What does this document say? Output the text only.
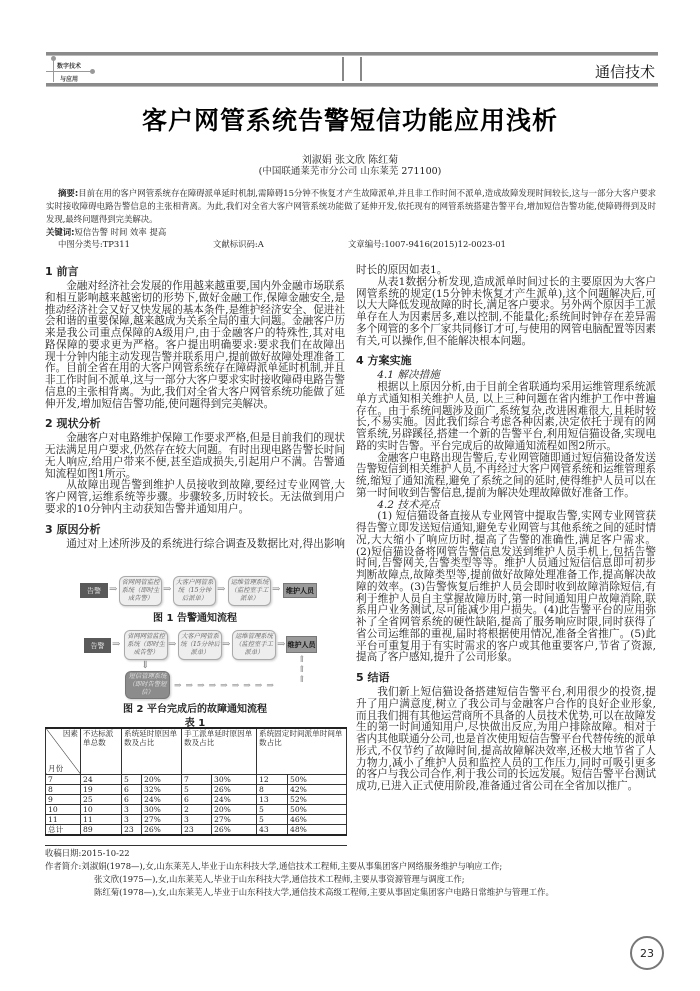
数字技术
与应用	通信技术
客户网管系统告警短信功能应用浅析
刘淑娟 张文欣 陈红菊
(中国联通莱芜市分公司 山东莱芜 271100)
摘要:目前在用的客户网管系统存在障碍派单延时机制,需障碍15分钟不恢复才产生故障派单,并且非工作时间不派单,造成故障发现时间较长,这与一部分大客户要求实时接收障碍电路告警信息的主张相背离。为此,我们对全省大客户网管系统功能做了延伸开发,依托现有的网管系统搭建告警平台,增加短信告警功能,使障碍得到及时发现,最终问题得到完美解决。
关键词:短信告警 时间 效率 提高
中图分类号:TP311	文献标识码:A	文章编号:1007-9416(2015)12-0023-01
1 前言

金融对经济社会发展的作用越来越重要,国内外金融市场联系和相互影响越来越密切的形势下,做好金融工作,保障金融安全,是推动经济社会又好又快发展的基本条件,是维护经济安全、促进社会和谐的重要保障,越来越成为关系全局的重大问题。金融客户历来是我公司重点保障的A级用户,由于金融客户的特殊性,其对电路保障的要求更为严格。客户提出明确要求:要求我们在故障出现十分钟内能主动发现告警并联系用户,提前做好故障处理准备工作。目前全省在用的大客户网管系统存在障碍派单延时机制,并且非工作时间不派单,这与一部分大客户要求实时接收障碍电路告警信息的主张相背离。为此,我们对全省大客户网管系统功能做了延伸开发,增加短信告警功能,使问题得到完美解决。

2 现状分析

金融客户对电路维护保障工作要求严格,但是目前我们的现状无法满足用户要求,仍然存在较大问题。有时出现电路告警长时间无人响应,给用户带来不便,甚至造成损失,引起用户不满。告警通知流程如图1所示。

从故障出现告警到维护人员接收到故障,要经过专业网管,大客户网管,运维系统等步骤。步骤较多,历时较长。无法做到用户要求的10分钟内主动获知告警并通知用户。

3 原因分析

通过对上述所涉及的系统进行综合调查及数据比对,得出影响

告警 ⇒
省网网管监控系统（即时生成告警）
⇒
大客户网管系统（15分钟后派单）
⇒
运维管理系统（监控室手工派单）
⇒ 维护人员
图 1 告警通知流程
告警 ⇒
省网网管监控系统（即时生成告警）
⇒
大客户网管系统（15分钟后派单）
⇒
运维管理系统（监控室手工派单）
⇒ 维护人员
⇓
短信管理系统（即时告警短信）
⇒⇒⇒⇒⇒⇒⇒⇒⇒
⇑
⇑
⇑
图 2 平台完成后的故障通知流程
表 1
因素
月份	不达标派单总数	系统延时原因单数及占比		手工派单延时原因单数及占比		系统固定时间派单时间单数占比	
7	24	5	20%	7	30%	12	50%
8	19	6	32%	5	26%	8	42%
9	25	6	24%	6	24%	13	52%
10	10	3	30%	2	20%	5	50%
11	11	3	27%	3	27%	5	46%
总计	89	23	26%	23	26%	43	48%

时长的原因如表1。

从表1数据分析发现,造成派单时间过长的主要原因为大客户网管系统的规定(15分钟未恢复才产生派单),这个问题解决后,可以大大降低发现故障的时长,满足客户要求。另外两个原因手工派单存在人为因素居多,难以控制,不能量化;系统间时钟存在差异需多个网管的多个厂家共同修订才可,与使用的网管电脑配置等因素有关,可以操作,但不能解决根本问题。

4 方案实施
4.1 解决措施

根据以上原因分析,由于目前全省联通均采用运维管理系统派单方式通知相关维护人员, 以上三种问题在省内维护工作中普遍存在。由于系统问题涉及面广,系统复杂,改进困难很大,且耗时较长,不易实施。因此我们综合考虑各种因素,决定依托于现有的网管系统,另辟蹊径,搭建一个新的告警平台,利用短信猫设备,实现电路的实时告警。平台完成后的故障通知流程如图2所示。

金融客户电路出现告警后,专业网管随即通过短信猫设备发送告警短信到相关维护人员,不再经过大客户网管系统和运维管理系统,缩短了通知流程,避免了系统之间的延时,使得维护人员可以在第一时间收到告警信息,提前为解决处理故障做好准备工作。

4.2 技术亮点

(1) 短信猫设备直接从专业网管中提取告警,实网专业网管获得告警立即发送短信通知,避免专业网管与其他系统之间的延时情况,大大缩小了响应历时,提高了告警的准确性,满足客户需求。(2)短信猫设备将网管告警信息发送到维护人员手机上,包括告警时间,告警网关,告警类型等等。维护人员通过短信信息即可初步判断故障点,故障类型等,提前做好故障处理准备工作,提高解决故障的效率。(3)告警恢复后维护人员会即时收到故障消除短信,有利于维护人员自主掌握故障历时,第一时间通知用户故障消除,联系用户业务测试,尽可能减少用户损失。(4)此告警平台的应用弥补了全省网管系统的硬性缺陷,提高了服务响应时限,同时获得了省公司运维部的重视,届时将根据使用情况,准备全省推广。(5)此平台可重复用于有实时需求的客户或其他重要客户,节省了资源,提高了客户感知,提升了公司形象。

5 结语

我们新上短信猫设备搭建短信告警平台,利用很少的投资,提升了用户满意度,树立了我公司与金融客户合作的良好企业形象,而且我们拥有其他运营商所不具备的人员技术优势,可以在故障发生的第一时间通知用户,尽快做出反应,为用户排除故障。相对于省内其他联通分公司,也是首次使用短信告警平台代替传统的派单形式,不仅节约了故障时间,提高故障解决效率,还极大地节省了人力物力,减小了维护人员和监控人员的工作压力,同时可吸引更多的客户与我公司合作,利于我公司的长远发展。短信告警平台测试成功,已进入正式使用阶段,准备通过省公司在全省加以推广。

收稿日期:2015-10-22
作者简介:刘淑娟(1978—),女,山东莱芜人,毕业于山东科技大学,通信技术工程师,主要从事集团客户网络服务维护与响应工作;
张文欣(1975—),女,山东莱芜人,毕业于山东科技大学,通信技术工程师,主要从事资源管理与调度工作;
陈红菊(1978—),女,山东莱芜人,毕业于山东科技大学,通信技术高级工程师,主要从事固定集团客户电路日常维护与管理工作。
23
